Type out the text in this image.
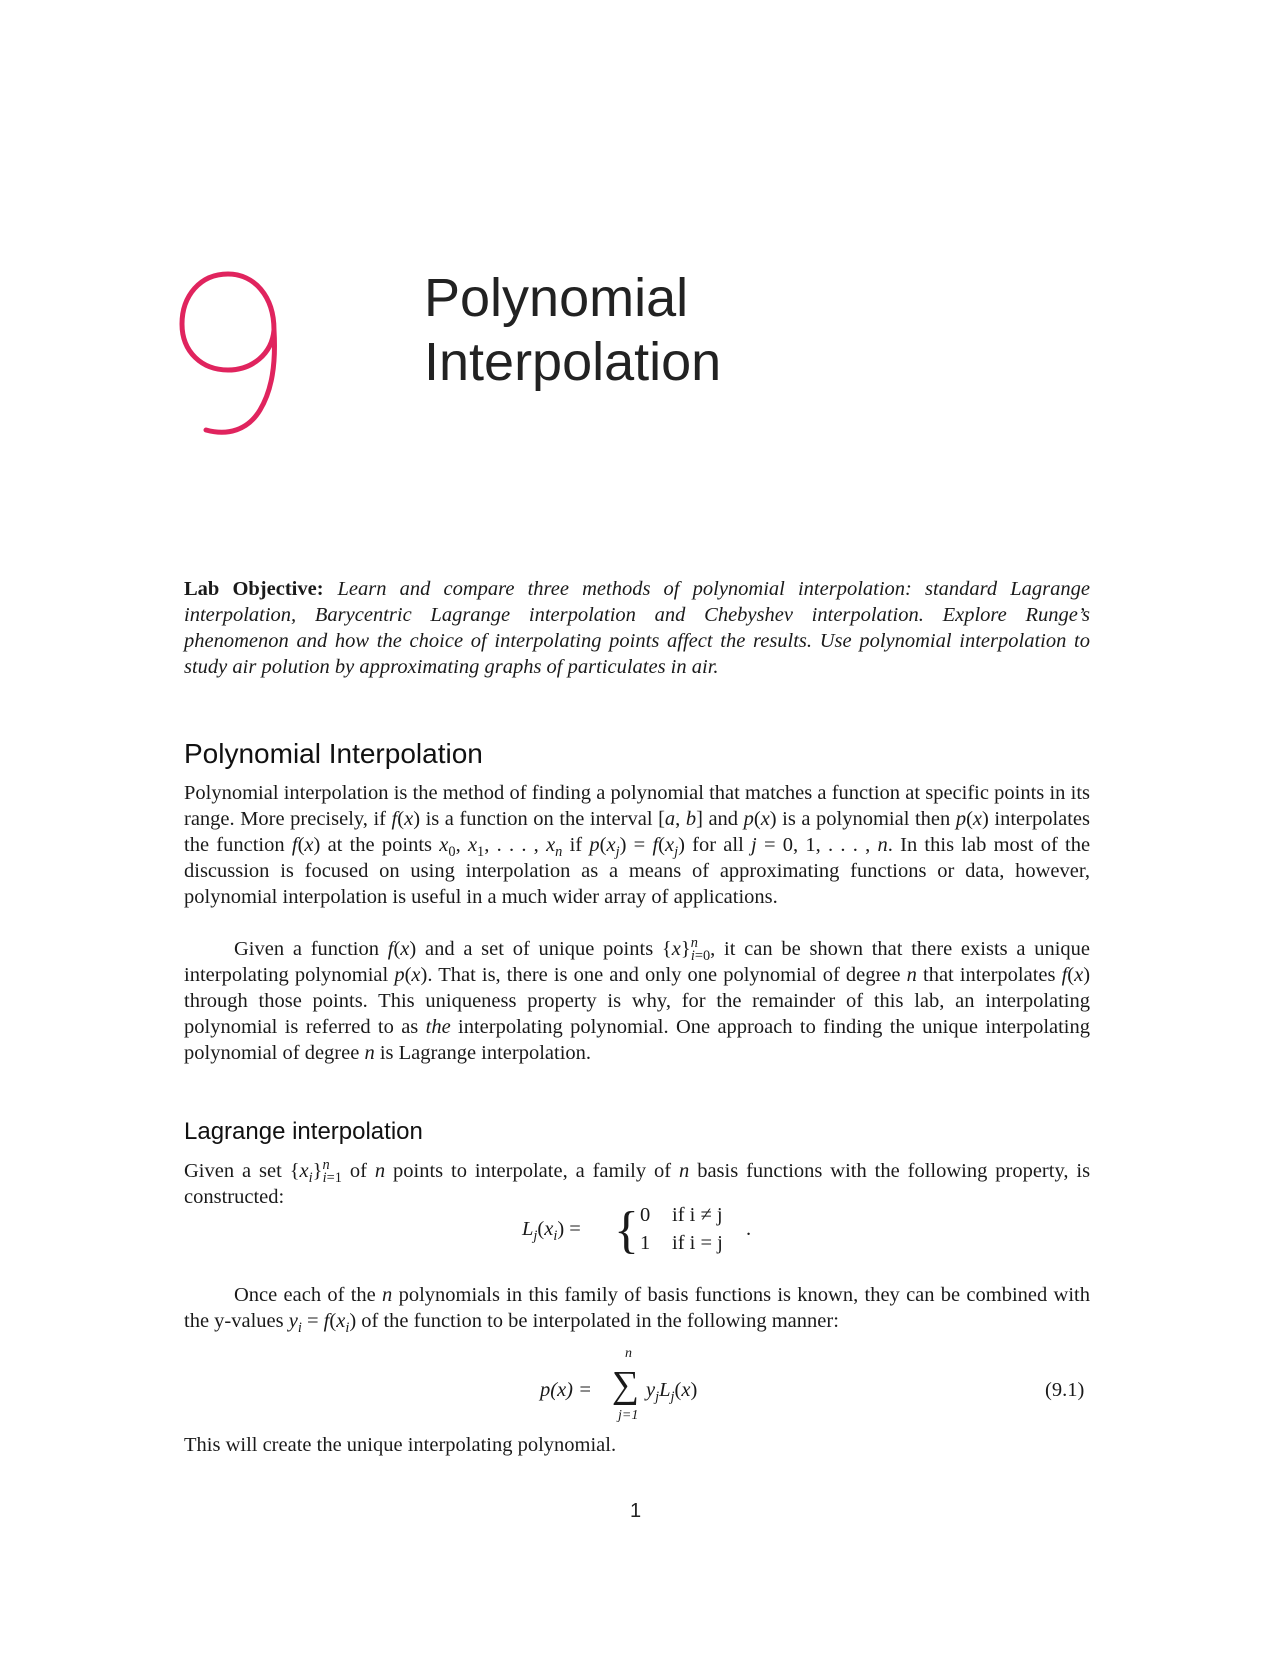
9	Polynomial
Interpolation
Lab Objective: Learn and compare three methods of polynomial interpolation: standard Lagrange interpolation, Barycentric Lagrange interpolation and Chebyshev interpolation. Explore Runge’s phenomenon and how the choice of interpolating points affect the results. Use polynomial interpolation to study air polution by approximating graphs of particulates in air.
Polynomial Interpolation

Polynomial interpolation is the method of finding a polynomial that matches a function at specific points in its range. More precisely, if f(x) is a function on the interval [a, b] and p(x) is a polynomial then p(x) interpolates the function f(x) at the points $x_0$, $x_1$, . . . , $x_n$ if $p(x_j) = f(x_j)$ for all j = 0, 1, . . . , n. In this lab most of the discussion is focused on using interpolation as a means of approximating functions or data, however, polynomial interpolation is useful in a much wider array of applications.

Given a function f(x) and a set of unique points $\{x\}^n_{i=0}$, it can be shown that there exists a unique interpolating polynomial p(x). That is, there is one and only one polynomial of degree n that interpolates f(x) through those points. This uniqueness property is why, for the remainder of this lab, an interpolating polynomial is referred to as the interpolating polynomial. One approach to finding the unique interpolating polynomial of degree n is Lagrange interpolation.

Lagrange interpolation

Given a set $\{x_i\}^n_{i=1}$ of n points to interpolate, a family of n basis functions with the following property, is constructed:

$L_j(x_i)$ = { 0 if i ≠ j
1 if i = j
.

Once each of the n polynomials in this family of basis functions is known, they can be combined with the y-values $y_i = f(x_i)$ of the function to be interpolated in the following manner:

p(x) =
n
∑
j=1
$y_jL_j(x)$	(9.1)

This will create the unique interpolating polynomial.

1
